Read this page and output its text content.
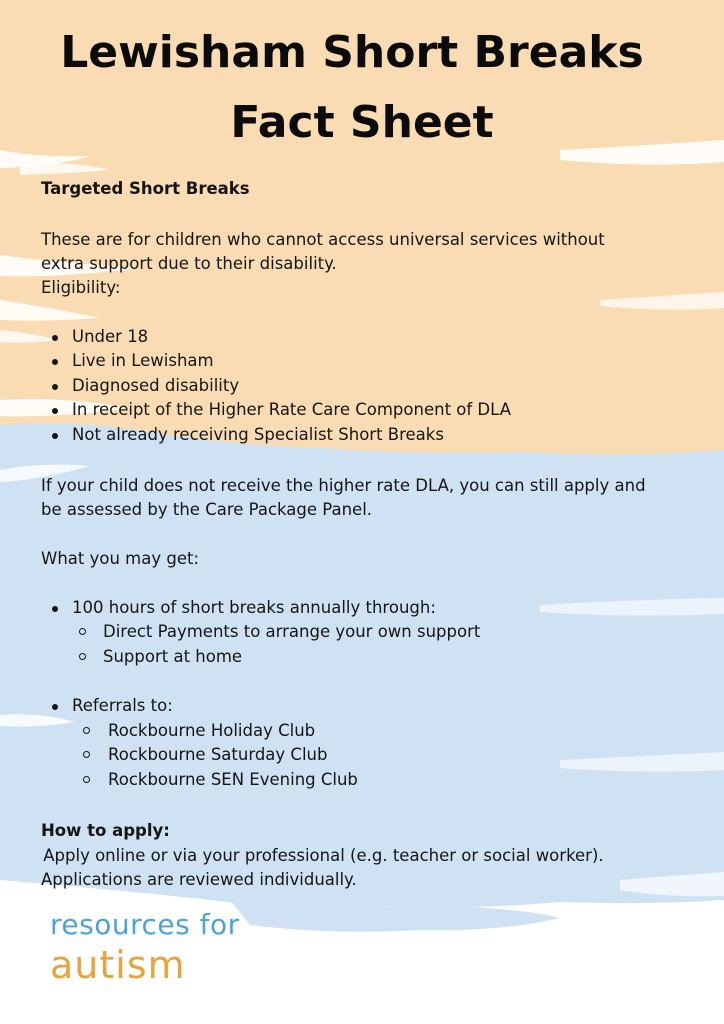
Lewisham Short Breaks
Fact Sheet

Targeted Short Breaks

These are for children who cannot access universal services without

extra support due to their disability.

Eligibility:

Under 18
Live in Lewisham
Diagnosed disability
In receipt of the Higher Rate Care Component of DLA
Not already receiving Specialist Short Breaks

If your child does not receive the higher rate DLA, you can still apply and

be assessed by the Care Package Panel.

What you may get:

100 hours of short breaks annually through:
Direct Payments to arrange your own support
Support at home
Referrals to:
Rockbourne Holiday Club
Rockbourne Saturday Club
Rockbourne SEN Evening Club

How to apply:

Apply online or via your professional (e.g. teacher or social worker).

Applications are reviewed individually.

resources for
autism
